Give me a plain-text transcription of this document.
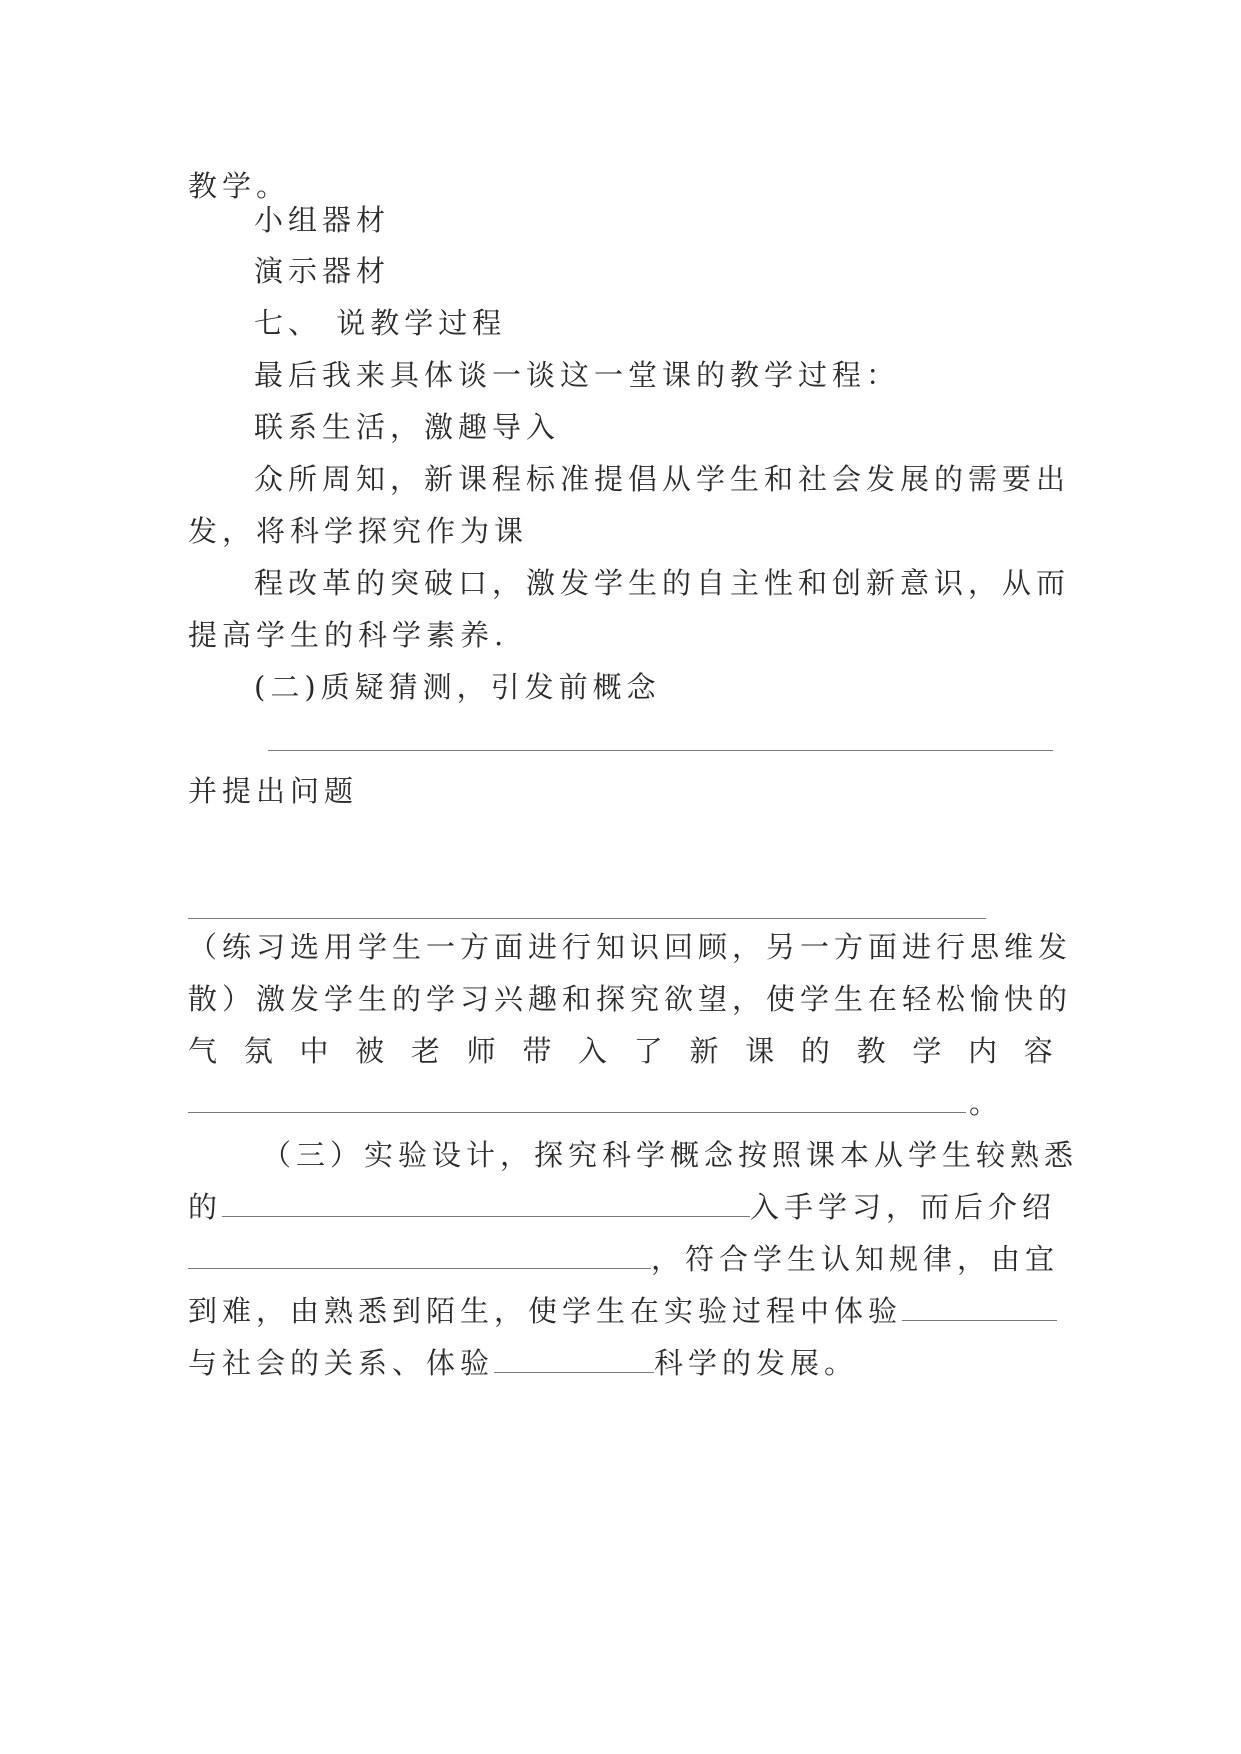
教学。
小组器材
演示器材
七、 说教学过程
最后我来具体谈一谈这一堂课的教学过程：
联系生活，激趣导入
众所周知，新课程标准提倡从学生和社会发展的需要出
发，将科学探究作为课
程改革的突破口，激发学生的自主性和创新意识，从而
提高学生的科学素养.
(二)质疑猜测，引发前概念
并提出问题
（练习选用学生一方面进行知识回顾，另一方面进行思维发
散）激发学生的学习兴趣和探究欲望，使学生在轻松愉快的
气 氛 中 被 老 师 带 入 了 新 课 的 教 学 内 容
。
（三）实验设计，探究科学概念按照课本从学生较熟悉
的	入手学习，而后介绍
，符合学生认知规律，由宜
到难，由熟悉到陌生，使学生在实验过程中体验
与社会的关系、体验	科学的发展。
